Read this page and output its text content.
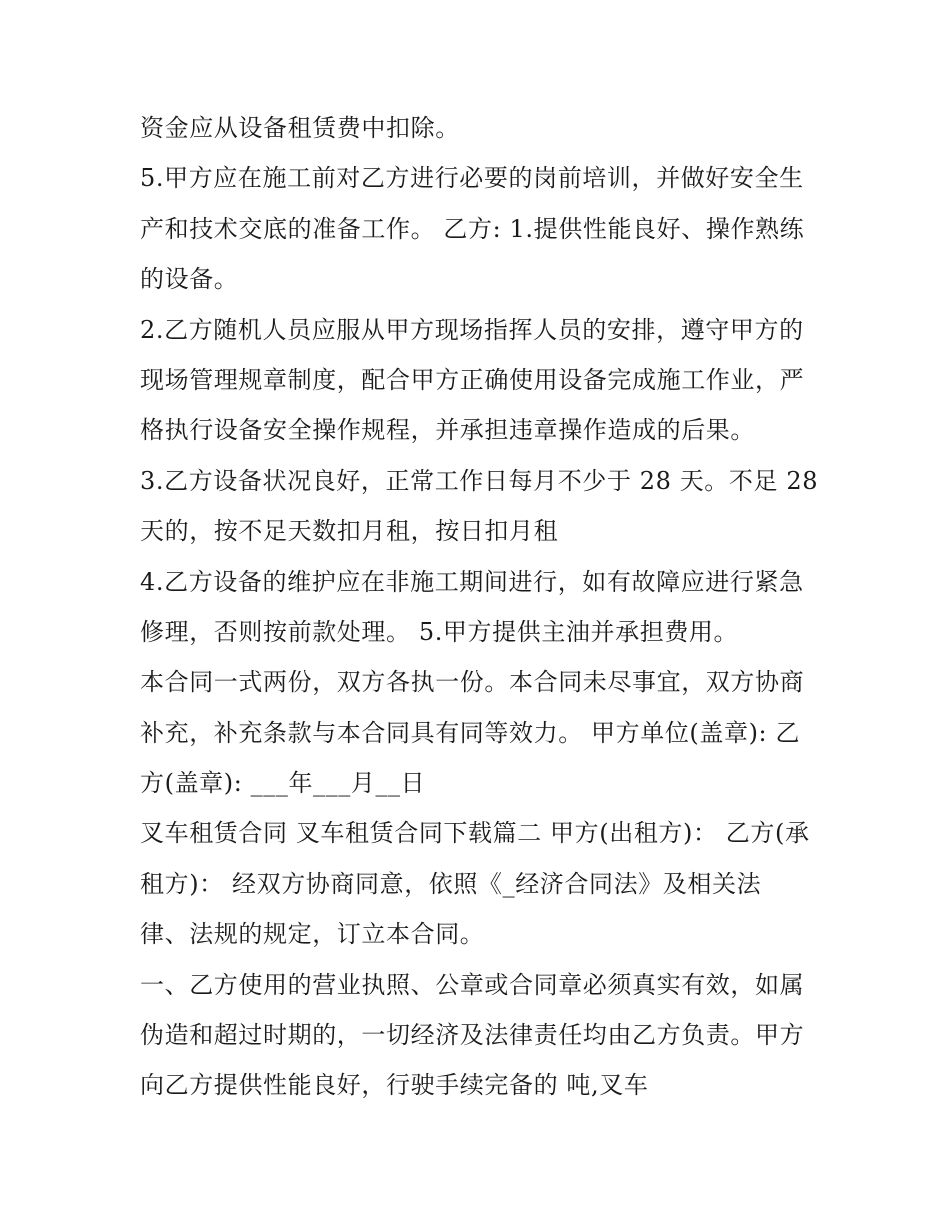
资金应从设备租赁费中扣除。
5.甲方应在施工前对乙方进行必要的岗前培训，并做好安全生
产和技术交底的准备工作。 乙方: 1.提供性能良好、操作熟练
的设备。
2.乙方随机人员应服从甲方现场指挥人员的安排，遵守甲方的
现场管理规章制度，配合甲方正确使用设备完成施工作业，严
格执行设备安全操作规程，并承担违章操作造成的后果。
3.乙方设备状况良好，正常工作日每月不少于 28 天。不足 28
天的，按不足天数扣月租，按日扣月租
4.乙方设备的维护应在非施工期间进行，如有故障应进行紧急
修理，否则按前款处理。 5.甲方提供主油并承担费用。
本合同一式两份，双方各执一份。本合同未尽事宜，双方协商
补充，补充条款与本合同具有同等效力。 甲方单位(盖章): 乙
方(盖章): ___年___月__日
叉车租赁合同 叉车租赁合同下载篇二 甲方(出租方)： 乙方(承
租方)： 经双方协商同意，依照《_经济合同法》及相关法
律、法规的规定，订立本合同。
一、乙方使用的营业执照、公章或合同章必须真实有效，如属
伪造和超过时期的，一切经济及法律责任均由乙方负责。甲方
向乙方提供性能良好，行驶手续完备的 吨,叉车
